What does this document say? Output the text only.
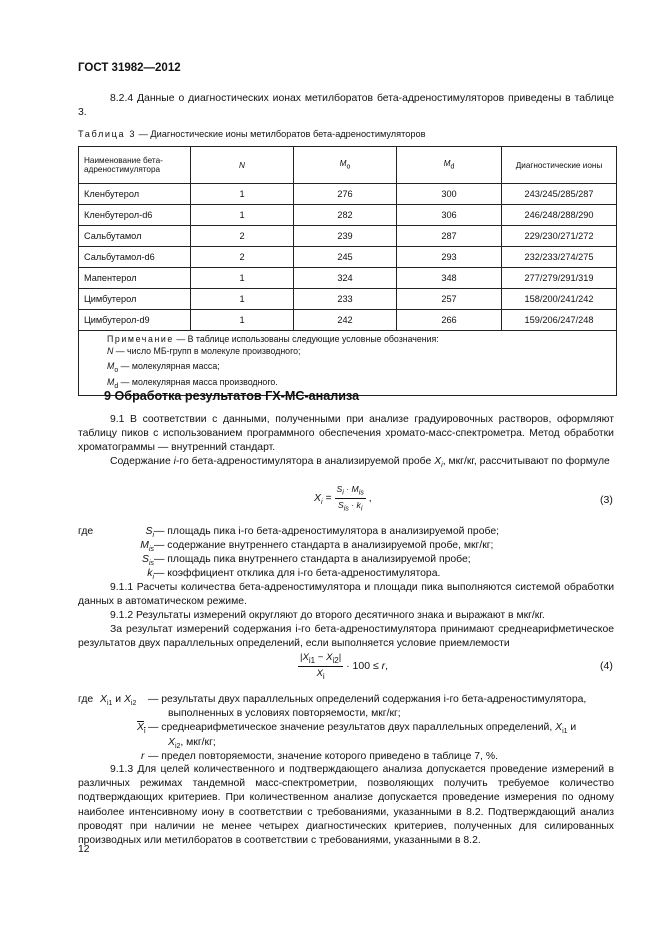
ГОСТ 31982—2012
8.2.4 Данные о диагностических ионах метилборатов бета-адреностимуляторов приведены в таблице 3.
Таблица 3 — Диагностические ионы метилборатов бета-адреностимуляторов
Наименование бета-адреностимулятора	N	$M_o$	$M_d$	Диагностические ионы
Кленбутерол	1	276	300	243/245/285/287
Кленбутерол-d6	1	282	306	246/248/288/290
Сальбутамол	2	239	287	229/230/271/272
Сальбутамол-d6	2	245	293	232/233/274/275
Мапентерол	1	324	348	277/279/291/319
Цимбутерол	1	233	257	158/200/241/242
Цимбутерол-d9	1	242	266	159/206/247/248

Примечание — В таблице использованы следующие условные обозначения:
N — число МБ-групп в молекуле производного;
$M_o$ — молекулярная масса;
$M_d$ — молекулярная масса производного.				
9 Обработка результатов ГХ-МС-анализа
9.1 В соответствии с данными, полученными при анализе градуировочных растворов, оформляют таблицу пиков с использованием программного обеспечения хромато-масс-спектрометра. Метод обработки хроматограммы — внутренний стандарт.
Содержание i-го бета-адреностимулятора в анализируемой пробе $X_i$, мкг/кг, рассчитывают по формуле
$X_i = \frac{S_i \cdot M_{is}}{S_{is} \cdot k_i}$ ,	(3)
где	$S_i$ — площадь пика i-го бета-адреностимулятора в анализируемой пробе;
$M_{is}$ — содержание внутреннего стандарта в анализируемой пробе, мкг/кг;
$S_{is}$ — площадь пика внутреннего стандарта в анализируемой пробе;
$k_i$ — коэффициент отклика для i-го бета-адреностимулятора.
9.1.1 Расчеты количества бета-адреностимулятора и площади пика выполняются системой обработки данных в автоматическом режиме.
9.1.2 Результаты измерений округляют до второго десятичного знака и выражают в мкг/кг.
За результат измерений содержания i-го бета-адреностимулятора принимают среднеарифметическое результатов двух параллельных определений, если выполняется условие приемлемости
$\frac{|X_{i1} - X_{i2}|}{X_i} \cdot 100 \le r$,	(4)
где $X_{i1}$ и $X_{i2}$ — результаты двух параллельных определений содержания i-го бета-адреностимулятора,
выполненных в условиях повторяемости, мкг/кг;
$X_i$ — среднеарифметическое значение результатов двух параллельных определений, $X_{i1}$ и
$X_{i2}$, мкг/кг;
r — предел повторяемости, значение которого приведено в таблице 7, %.
9.1.3 Для целей количественного и подтверждающего анализа допускается проведение измерений в различных режимах тандемной масс-спектрометрии, позволяющих получить требуемое количество подтверждающих критериев. При количественном анализе допускается проведение измерения по одному наиболее интенсивному иону в соответствии с требованиями, указанными в 8.2. Подтверждающий анализ проводят при наличии не менее четырех диагностических критериев, полученных для силированных производных или метилборатов в соответствии с требованиями, указанными в 8.2.
12
